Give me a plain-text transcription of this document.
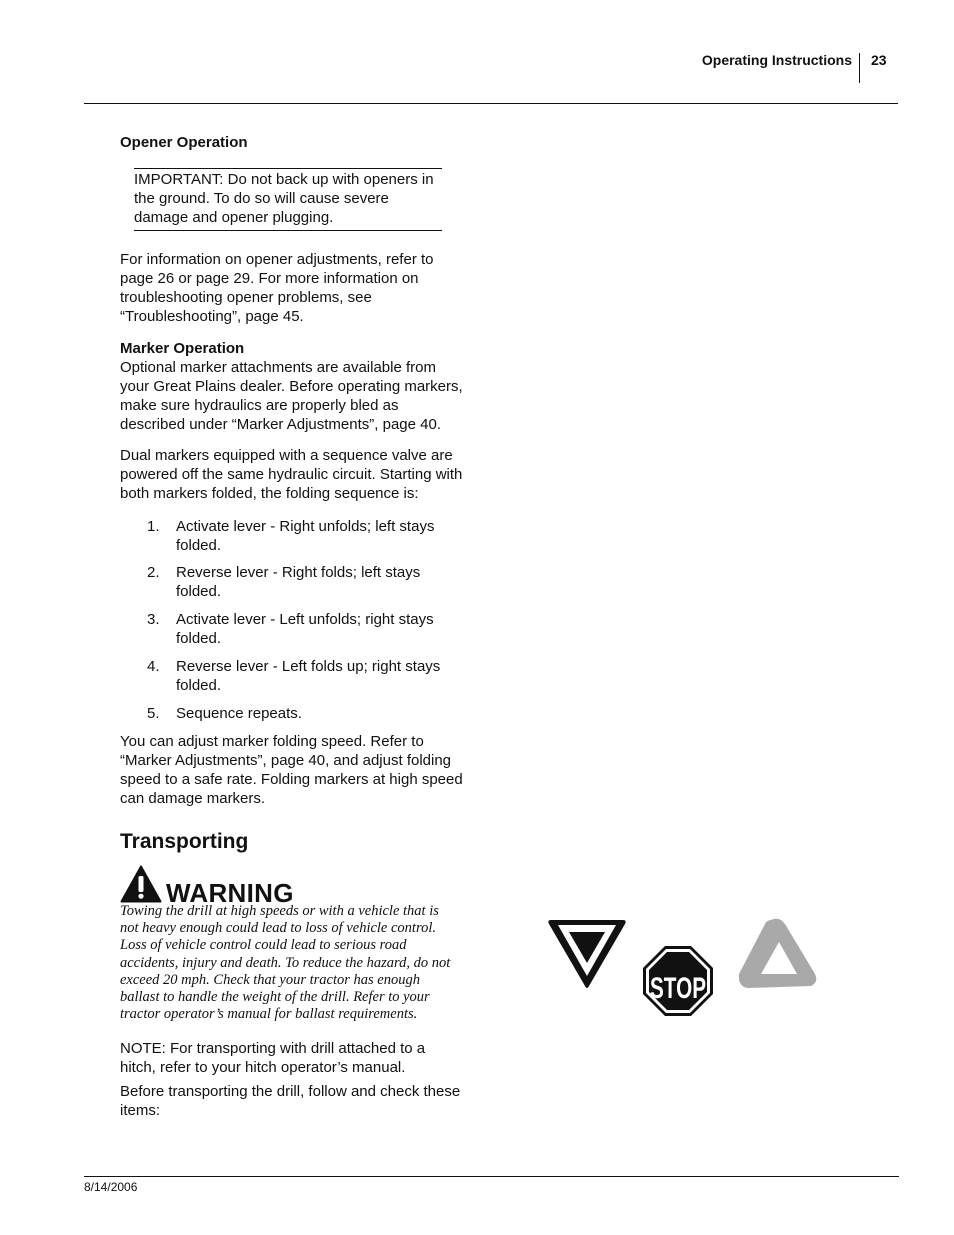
Operating Instructions 23
Opener Operation

IMPORTANT: Do not back up with openers in the ground. To do so will cause severe damage and opener plugging.

For information on opener adjustments, refer to page 26 or page 29. For more information on troubleshooting opener problems, see “Troubleshooting”, page 45.

Marker Operation

Optional marker attachments are available from your Great Plains dealer. Before operating markers, make sure hydraulics are properly bled as described under “Marker Adjustments”, page 40.

Dual markers equipped with a sequence valve are powered off the same hydraulic circuit. Starting with both markers folded, the folding sequence is:

1.	Activate lever - Right unfolds; left stays folded.
2.	Reverse lever - Right folds; left stays folded.
3.	Activate lever - Left unfolds; right stays folded.
4.	Reverse lever - Left folds up; right stays folded.
5.	Sequence repeats.

You can adjust marker folding speed. Refer to “Marker Adjustments”, page 40, and adjust folding speed to a safe rate. Folding markers at high speed can damage markers.

Transporting
WARNING

Towing the drill at high speeds or with a vehicle that is not heavy enough could lead to loss of vehicle control. Loss of vehicle control could lead to serious road accidents, injury and death. To reduce the hazard, do not exceed 20 mph. Check that your tractor has enough ballast to handle the weight of the drill. Refer to your tractor operator’s manual for ballast requirements.

NOTE: For transporting with drill attached to a hitch, refer to your hitch operator’s manual.

Before transporting the drill, follow and check these items:

STOP
8/14/2006
